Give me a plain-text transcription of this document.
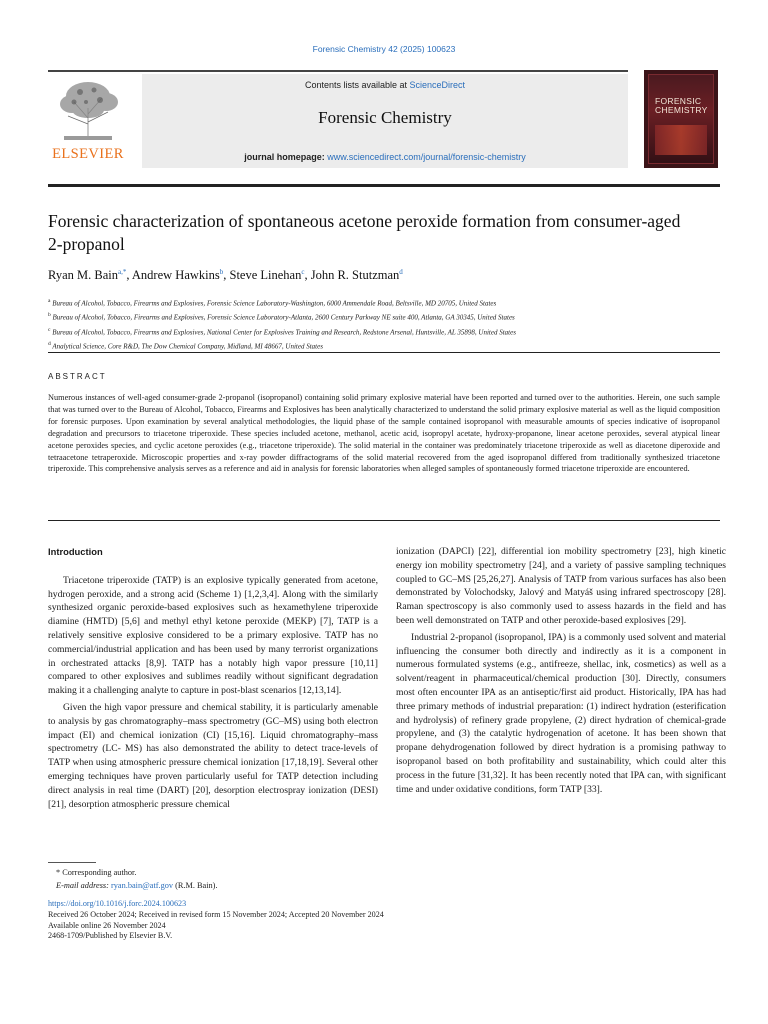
Forensic Chemistry 42 (2025) 100623
ELSEVIER
Contents lists available at ScienceDirect
Forensic Chemistry
journal homepage: www.sciencedirect.com/journal/forensic-chemistry
FORENSIC CHEMISTRY
Forensic characterization of spontaneous acetone peroxide formation from consumer-aged 2-propanol
Ryan M. Bain$^{a,*}$, Andrew Hawkins$^b$, Steve Linehan$^c$, John R. Stutzman$^d$
$^a$ Bureau of Alcohol, Tobacco, Firearms and Explosives, Forensic Science Laboratory-Washington, 6000 Ammendale Road, Beltsville, MD 20705, United States
$^b$ Bureau of Alcohol, Tobacco, Firearms and Explosives, Forensic Science Laboratory-Atlanta, 2600 Century Parkway NE suite 400, Atlanta, GA 30345, United States
$^c$ Bureau of Alcohol, Tobacco, Firearms and Explosives, National Center for Explosives Training and Research, Redstone Arsenal, Huntsville, AL 35898, United States
$^d$ Analytical Science, Core R&D, The Dow Chemical Company, Midland, MI 48667, United States
ABSTRACT
Numerous instances of well-aged consumer-grade 2-propanol (isopropanol) containing solid primary explosive material have been reported and turned over to the authorities. Herein, one such sample that was turned over to the Bureau of Alcohol, Tobacco, Firearms and Explosives has been analytically characterized to understand the solid primary explosive material as well as the liquid composition for forensic purposes. Upon examination by several analytical methodologies, the liquid phase of the sample contained isopropanol with measurable amounts of species indicative of isopropanol degradation and precursors to triacetone triperoxide. These species included acetone, methanol, acetic acid, isopropyl acetate, hydroxy-propanone, linear acetone peroxides, several atypical linear acetone peroxides species, and cyclic acetone peroxides (e.g., triacetone triperoxide). The solid material in the container was predominately triacetone triperoxide as well as diacetone diperoxide and tetraacetone tetraperoxide. Microscopic properties and x-ray powder diffractograms of the solid material recovered from the aged isopropanol differed from traditionally synthesized triacetone triperoxide. This comprehensive analysis serves as a reference and aid in analysis for forensic laboratories when alleged samples of spontaneously formed triacetone triperoxide are encountered.
Introduction

Triacetone triperoxide (TATP) is an explosive typically generated from acetone, hydrogen peroxide, and a strong acid (Scheme 1) [1,2,3,4]. Along with the similarly synthesized organic peroxide-based explosives such as hexamethylene triperoxide diamine (HMTD) [5,6] and methyl ethyl ketone peroxide (MEKP) [7], TATP is a relatively sensitive explosive considered to be a primary explosive. TATP has no commercial/industrial application and has been used by many terrorist organizations in orchestrated attacks [8,9]. TATP has a notably high vapor pressure [10,11] compared to other explosives and sublimes readily without significant degradation making it a challenging analyte to capture in post-blast scenarios [12,13,14].

Given the high vapor pressure and chemical stability, it is particularly amenable to analysis by gas chromatography–mass spectrometry (GC–MS) using both electron impact (EI) and chemical ionization (CI) [15,16]. Liquid chromatography–mass spectrometry (LC- MS) has also demonstrated the ability to detect trace-levels of TATP when using atmospheric pressure chemical ionization [17,18,19]. Several other emerging techniques have proven particularly useful for TATP detection including direct analysis in real time (DART) [20], desorption electrospray ionization (DESI) [21], desorption atmospheric pressure chemical

ionization (DAPCI) [22], differential ion mobility spectrometry [23], high kinetic energy ion mobility spectrometry [24], and a variety of passive sampling techniques coupled to GC–MS [25,26,27]. Analysis of TATP from various surfaces has also been demonstrated by Volochodsky, Jalový and Matyáš using infrared spectroscopy [28]. Raman spectroscopy is also commonly used to assess hazards in the field and has been well demonstrated on TATP and other peroxide-based explosives [29].

Industrial 2-propanol (isopropanol, IPA) is a commonly used solvent and material influencing the consumer both directly and indirectly as it is a component in numerous formulated systems (e.g., antifreeze, shellac, ink, cosmetics) as well as a solvent/reagent in pharmaceutical/chemical production [30]. Directly, consumers most often encounter IPA as an antiseptic/first aid product. Historically, IPA has had three primary methods of industrial preparation: (1) indirect hydration (esterification and hydrolysis) of refinery grade propylene, (2) direct hydration of chemical-grade propylene, and (3) the catalytic hydrogenation of acetone. It has been shown that propane dehydrogenation followed by direct hydration is a promising pathway to isopropanol based on both profitability and sustainability, which could alter this process in the future [31,32]. It has been recently noted that IPA can, with significant time and under oxidative conditions, form TATP [33].

* Corresponding author.
E-mail address: ryan.bain@atf.gov (R.M. Bain).
https://doi.org/10.1016/j.forc.2024.100623
Received 26 October 2024; Received in revised form 15 November 2024; Accepted 20 November 2024
Available online 26 November 2024
2468-1709/Published by Elsevier B.V.
